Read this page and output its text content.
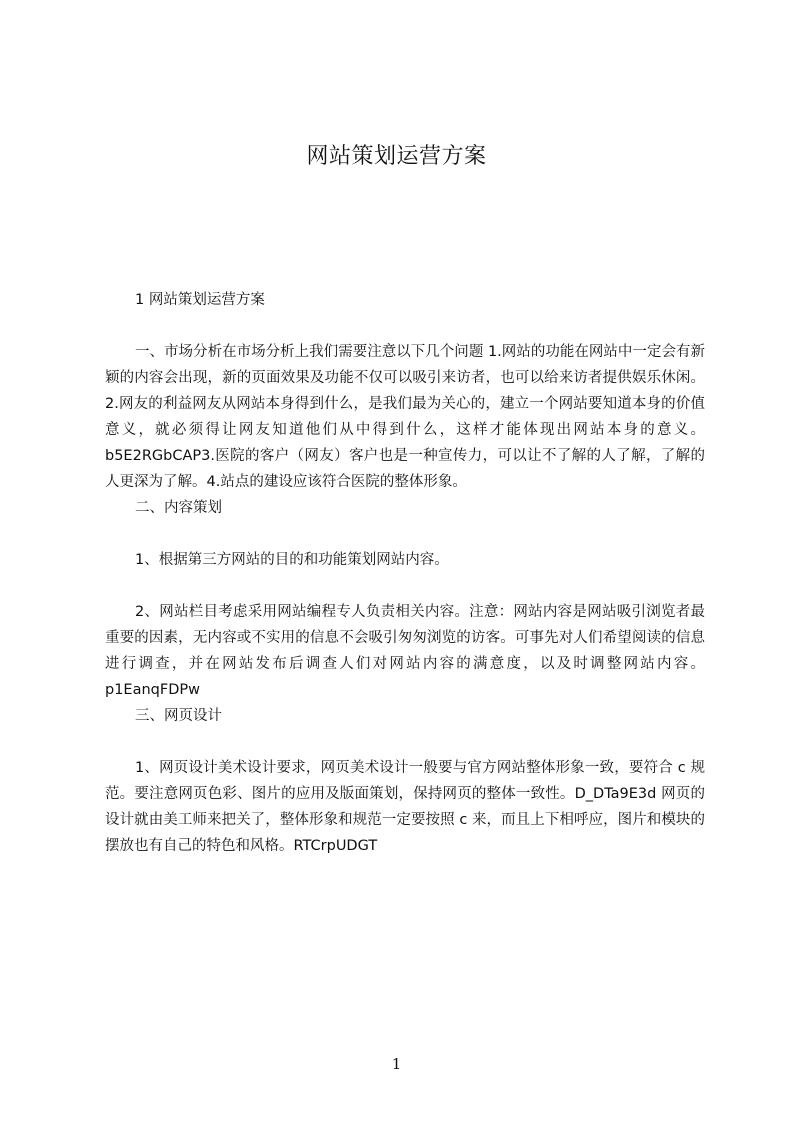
网站策划运营方案

1 网站策划运营方案

一、市场分析在市场分析上我们需要注意以下几个问题 1.网站的功能在网站中一定会有新颖的内容会出现，新的页面效果及功能不仅可以吸引来访者，也可以给来访者提供娱乐休闲。2.网友的利益网友从网站本身得到什么，是我们最为关心的，建立一个网站要知道本身的价值意义，就必须得让网友知道他们从中得到什么，这样才能体现出网站本身的意义。b5E2RGbCAP3.医院的客户（网友）客户也是一种宣传力，可以让不了解的人了解，了解的人更深为了解。4.站点的建设应该符合医院的整体形象。

二、内容策划

1、根据第三方网站的目的和功能策划网站内容。

2、网站栏目考虑采用网站编程专人负责相关内容。注意：网站内容是网站吸引浏览者最重要的因素，无内容或不实用的信息不会吸引匆匆浏览的访客。可事先对人们希望阅读的信息进行调查，并在网站发布后调查人们对网站内容的满意度，以及时调整网站内容。p1EanqFDPw

三、网页设计

1、网页设计美术设计要求，网页美术设计一般要与官方网站整体形象一致，要符合 c 规范。要注意网页色彩、图片的应用及版面策划，保持网页的整体一致性。D_DTa9E3d 网页的设计就由美工师来把关了，整体形象和规范一定要按照 c 来，而且上下相呼应，图片和模块的摆放也有自己的特色和风格。RTCrpUDGT

1
